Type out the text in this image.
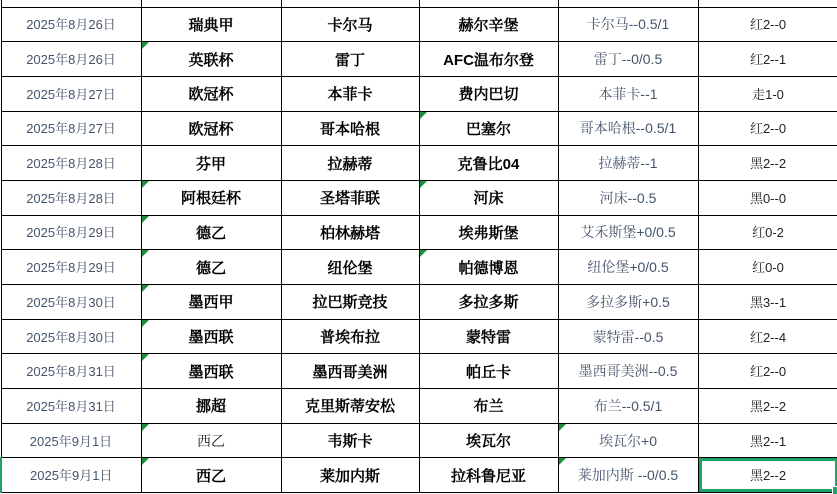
2025年8月26日	瑞典甲	卡尔马	赫尔辛堡	卡尔马--0.5/1	红2--0
2025年8月26日	英联杯	雷丁	AFC温布尔登	雷丁--0/0.5	红2--1
2025年8月27日	欧冠杯	本菲卡	费内巴切	本菲卡--1	走1-0
2025年8月27日	欧冠杯	哥本哈根	巴塞尔	哥本哈根--0.5/1	红2--0
2025年8月28日	芬甲	拉赫蒂	克鲁比04	拉赫蒂--1	黑2--2
2025年8月28日	阿根廷杯	圣塔菲联	河床	河床--0.5	黑0--0
2025年8月29日	德乙	柏林赫塔	埃弗斯堡	艾禾斯堡+0/0.5	红0-2
2025年8月29日	德乙	纽伦堡	帕德博恩	纽伦堡+0/0.5	红0-0
2025年8月30日	墨西甲	拉巴斯竞技	多拉多斯	多拉多斯+0.5	黑3--1
2025年8月30日	墨西联	普埃布拉	蒙特雷	蒙特雷--0.5	红2--4
2025年8月31日	墨西联	墨西哥美洲	帕丘卡	墨西哥美洲--0.5	红2--0
2025年8月31日	挪超	克里斯蒂安松	布兰	布兰--0.5/1	黑2--2
2025年9月1日	西乙	韦斯卡	埃瓦尔	埃瓦尔+0	黑2--1
2025年9月1日	西乙	莱加内斯	拉科鲁尼亚	莱加内斯 --0/0.5	黑2--2
